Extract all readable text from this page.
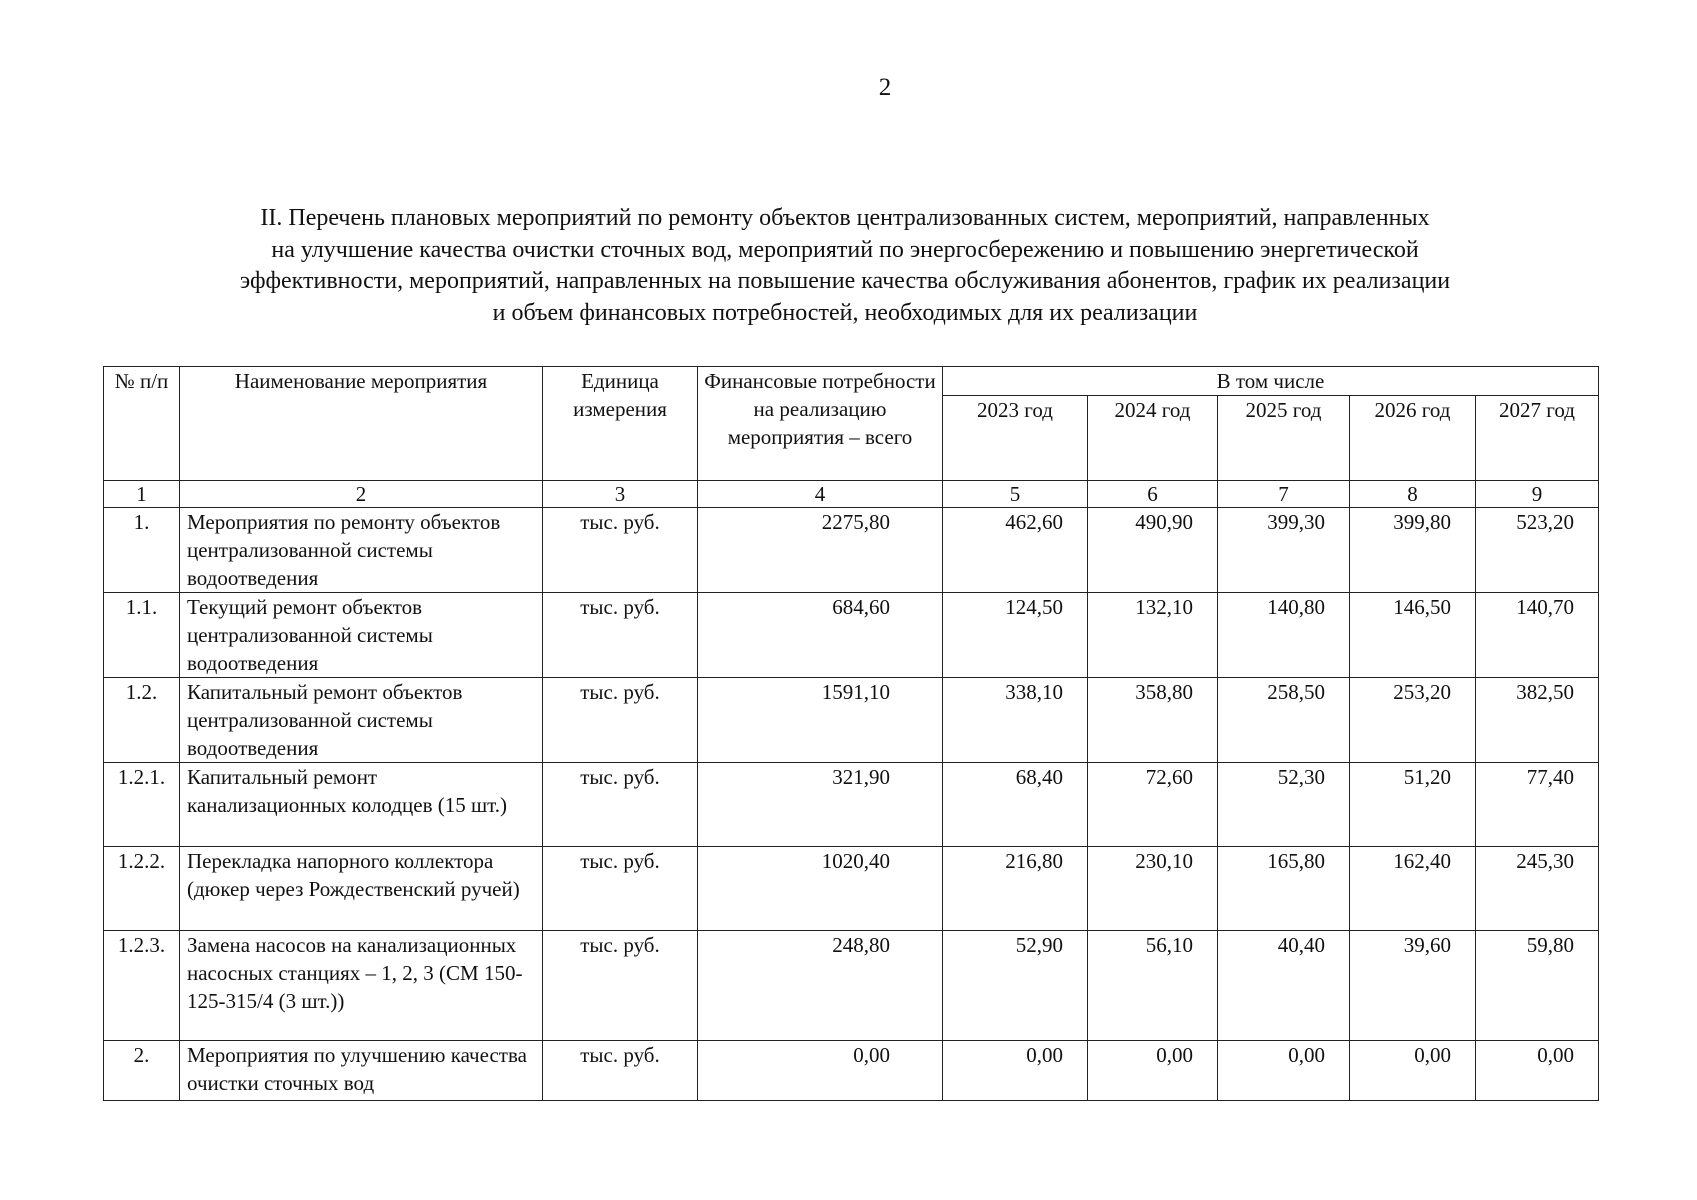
2
II. Перечень плановых мероприятий по ремонту объектов централизованных систем, мероприятий, направленных
на улучшение качества очистки сточных вод, мероприятий по энергосбережению и повышению энергетической
эффективности, мероприятий, направленных на повышение качества обслуживания абонентов, график их реализации
и объем финансовых потребностей, необходимых для их реализации
№ п/п	Наименование мероприятия	Единица измерения	Финансовые потребности на реализацию мероприятия – всего	В том числе				
				2023 год	2024 год	2025 год	2026 год	2027 год
1	2	3	4	5	6	7	8	9
1.	Мероприятия по ремонту объектов централизованной системы водоотведения	тыс. руб.	2275,80	462,60	490,90	399,30	399,80	523,20
1.1.	Текущий ремонт объектов централизованной системы водоотведения	тыс. руб.	684,60	124,50	132,10	140,80	146,50	140,70
1.2.	Капитальный ремонт объектов централизованной системы водоотведения	тыс. руб.	1591,10	338,10	358,80	258,50	253,20	382,50
1.2.1.	Капитальный ремонт канализационных колодцев (15 шт.)	тыс. руб.	321,90	68,40	72,60	52,30	51,20	77,40
1.2.2.	Перекладка напорного коллектора (дюкер через Рождественский ручей)	тыс. руб.	1020,40	216,80	230,10	165,80	162,40	245,30
1.2.3.	Замена насосов на канализационных насосных станциях – 1, 2, 3 (СМ 150-125-315/4 (3 шт.))	тыс. руб.	248,80	52,90	56,10	40,40	39,60	59,80
2.	Мероприятия по улучшению качества очистки сточных вод	тыс. руб.	0,00	0,00	0,00	0,00	0,00	0,00
